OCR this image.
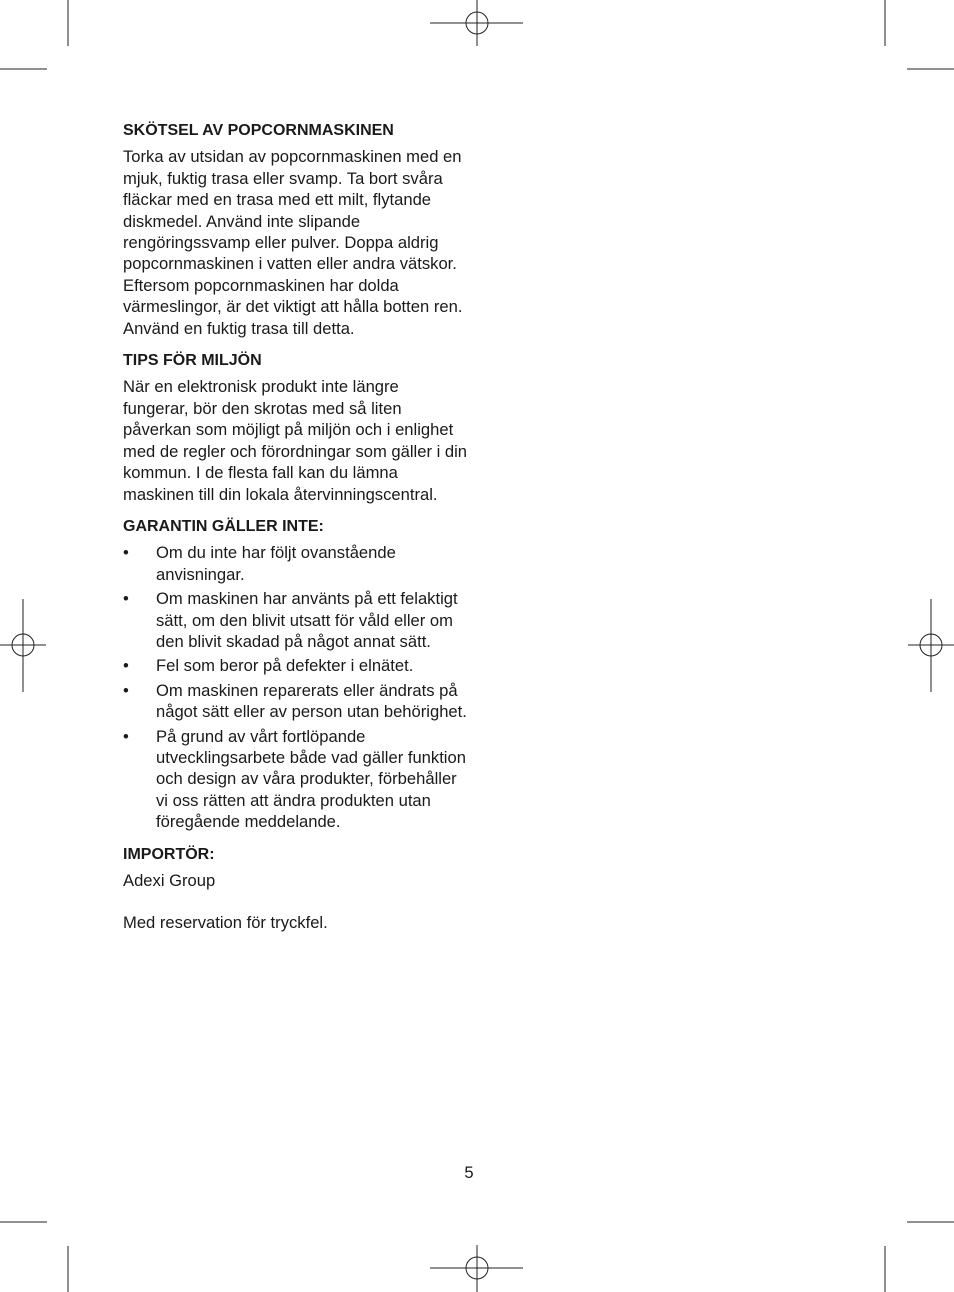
SKÖTSEL AV POPCORNMASKINEN

Torka av utsidan av popcornmaskinen med en mjuk, fuktig trasa eller svamp. Ta bort svåra fläckar med en trasa med ett milt, flytande diskmedel. Använd inte slipande rengöringssvamp eller pulver. Doppa aldrig popcornmaskinen i vatten eller andra vätskor.

Eftersom popcornmaskinen har dolda värmeslingor, är det viktigt att hålla botten ren. Använd en fuktig trasa till detta.

TIPS FÖR MILJÖN

När en elektronisk produkt inte längre fungerar, bör den skrotas med så liten påverkan som möjligt på miljön och i enlighet med de regler och förordningar som gäller i din kommun. I de flesta fall kan du lämna maskinen till din lokala återvinningscentral.

GARANTIN GÄLLER INTE:
• Om du inte har följt ovanstående anvisningar.
• Om maskinen har använts på ett felaktigt sätt, om den blivit utsatt för våld eller om den blivit skadad på något annat sätt.
• Fel som beror på defekter i elnätet.
• Om maskinen reparerats eller ändrats på något sätt eller av person utan behörighet.
• På grund av vårt fortlöpande utvecklingsarbete både vad gäller funktion och design av våra produkter, förbehåller vi oss rätten att ändra produkten utan föregående meddelande.
IMPORTÖR:

Adexi Group

Med reservation för tryckfel.

5
